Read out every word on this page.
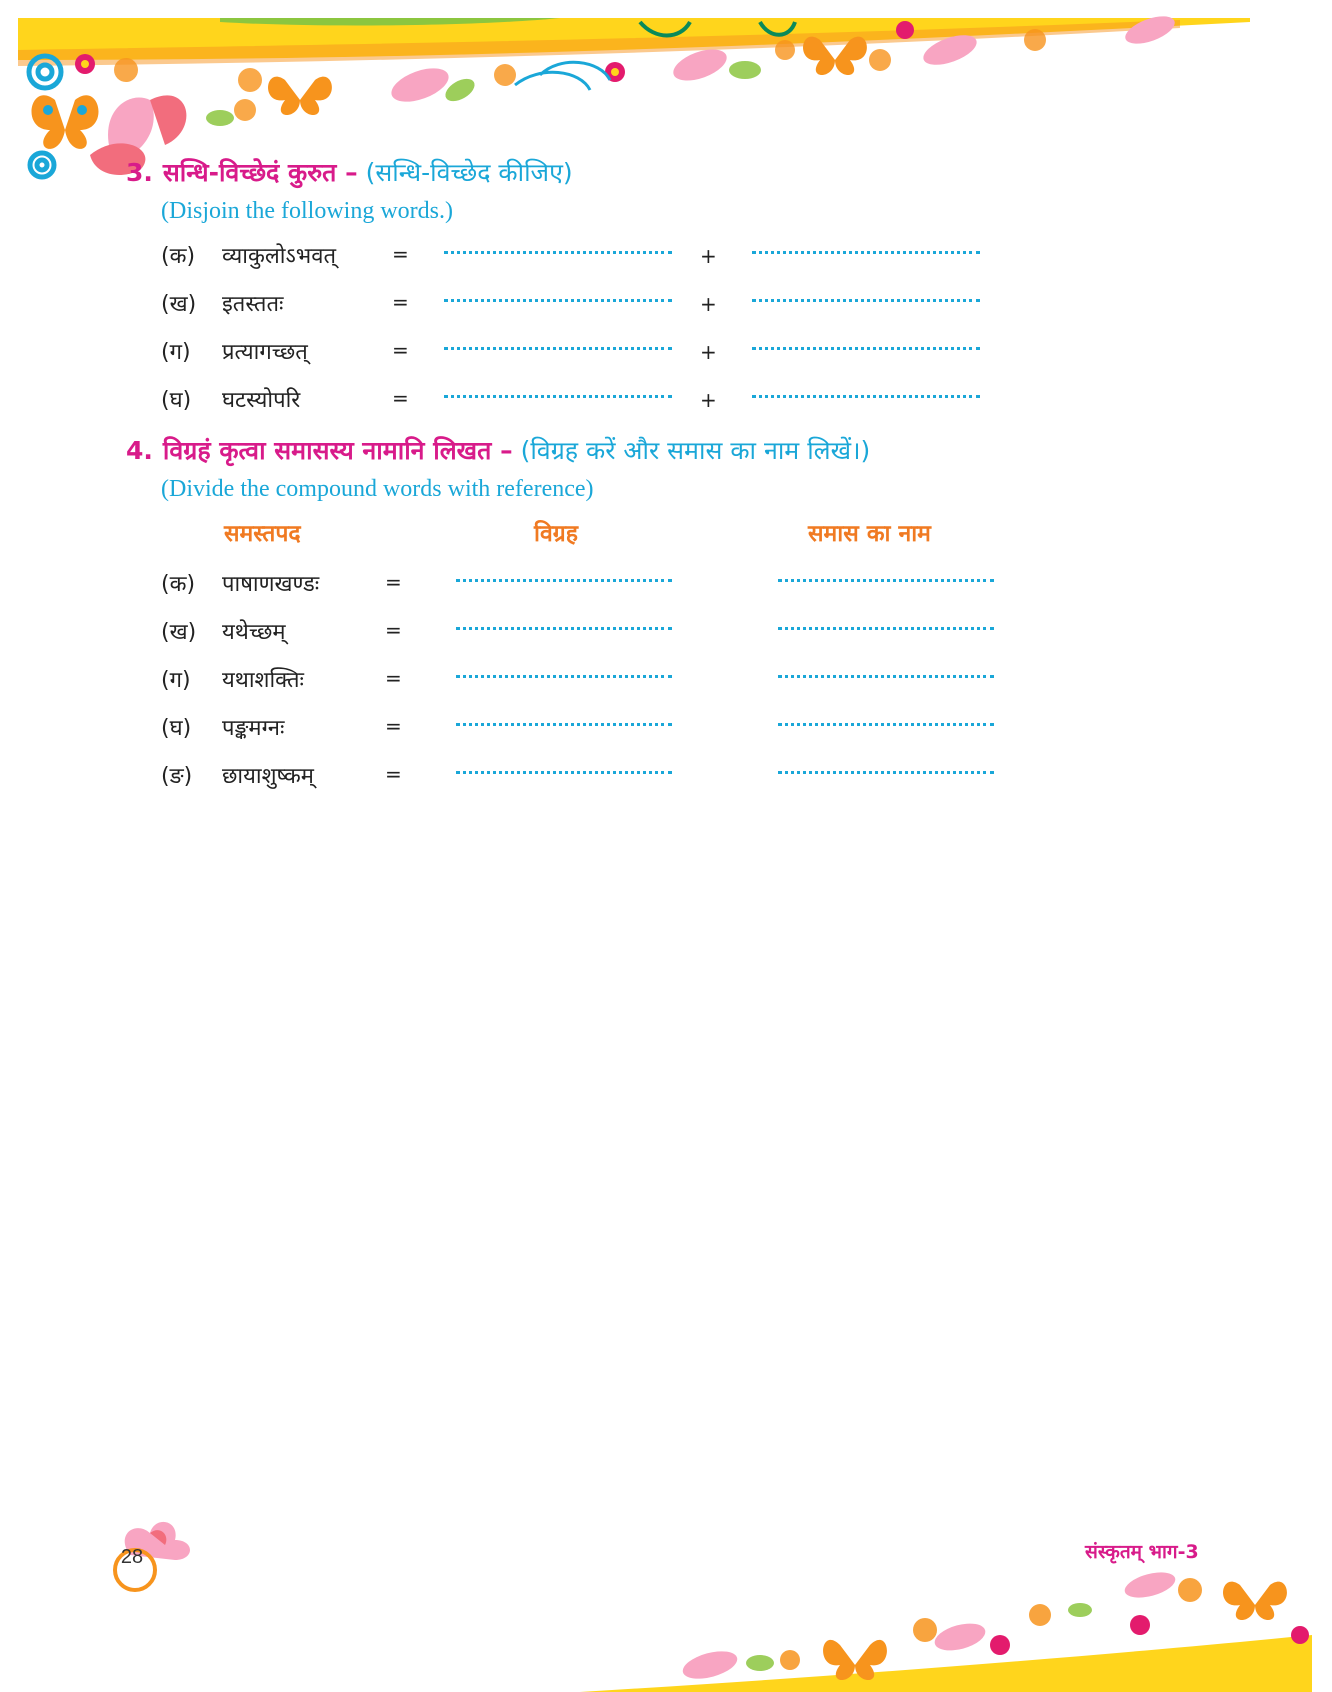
3. सन्धि-विच्छेदं कुरुत – (सन्धि-विच्छेद कीजिए)
(Disjoin the following words.)
(क) व्याकुलोऽभवत्	=	+
(ख) इतस्ततः	=	+
(ग) प्रत्यागच्छत्	=	+
(घ) घटस्योपरि	=	+
4. विग्रहं कृत्वा समासस्य नामानि लिखत – (विग्रह करें और समास का नाम लिखें।)
(Divide the compound words with reference)
समस्तपद	विग्रह	समास का नाम
(क) पाषाणखण्डः	=
(ख) यथेच्छम्	=
(ग) यथाशक्तिः	=
(घ) पङ्कमग्नः	=
(ङ) छायाशुष्कम्	=
28	संस्कृतम् भाग-3
